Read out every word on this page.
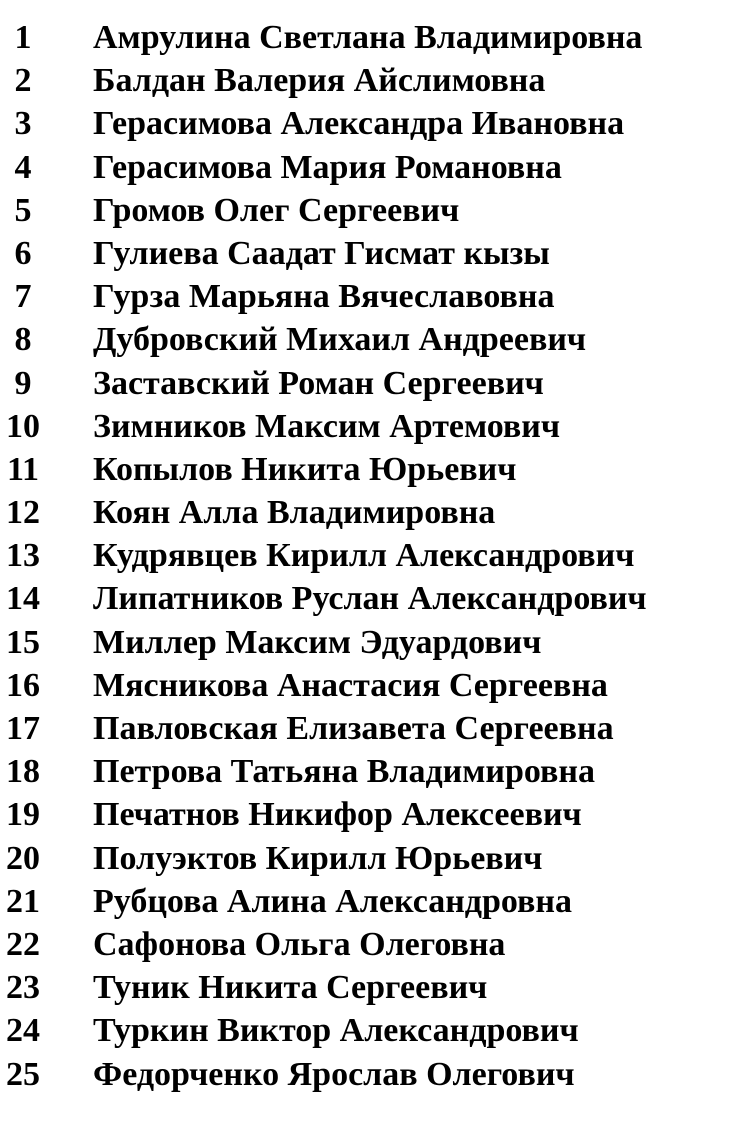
1	Амрулина Светлана Владимировна
2	Балдан Валерия Айслимовна
3	Герасимова Александра Ивановна
4	Герасимова Мария Романовна
5	Громов Олег Сергеевич
6	Гулиева Саадат Гисмат кызы
7	Гурза Марьяна Вячеславовна
8	Дубровский Михаил Андреевич
9	Заставский Роман Сергеевич
10 Зимников Максим Артемович
11 Копылов Никита Юрьевич
12 Коян Алла Владимировна
13 Кудрявцев Кирилл Александрович
14 Липатников Руслан Александрович
15 Миллер Максим Эдуардович
16 Мясникова Анастасия Сергеевна
17 Павловская Елизавета Сергеевна
18 Петрова Татьяна Владимировна
19 Печатнов Никифор Алексеевич
20 Полуэктов Кирилл Юрьевич
21 Рубцова Алина Александровна
22 Сафонова Ольга Олеговна
23 Туник Никита Сергеевич
24 Туркин Виктор Александрович
25 Федорченко Ярослав Олегович
